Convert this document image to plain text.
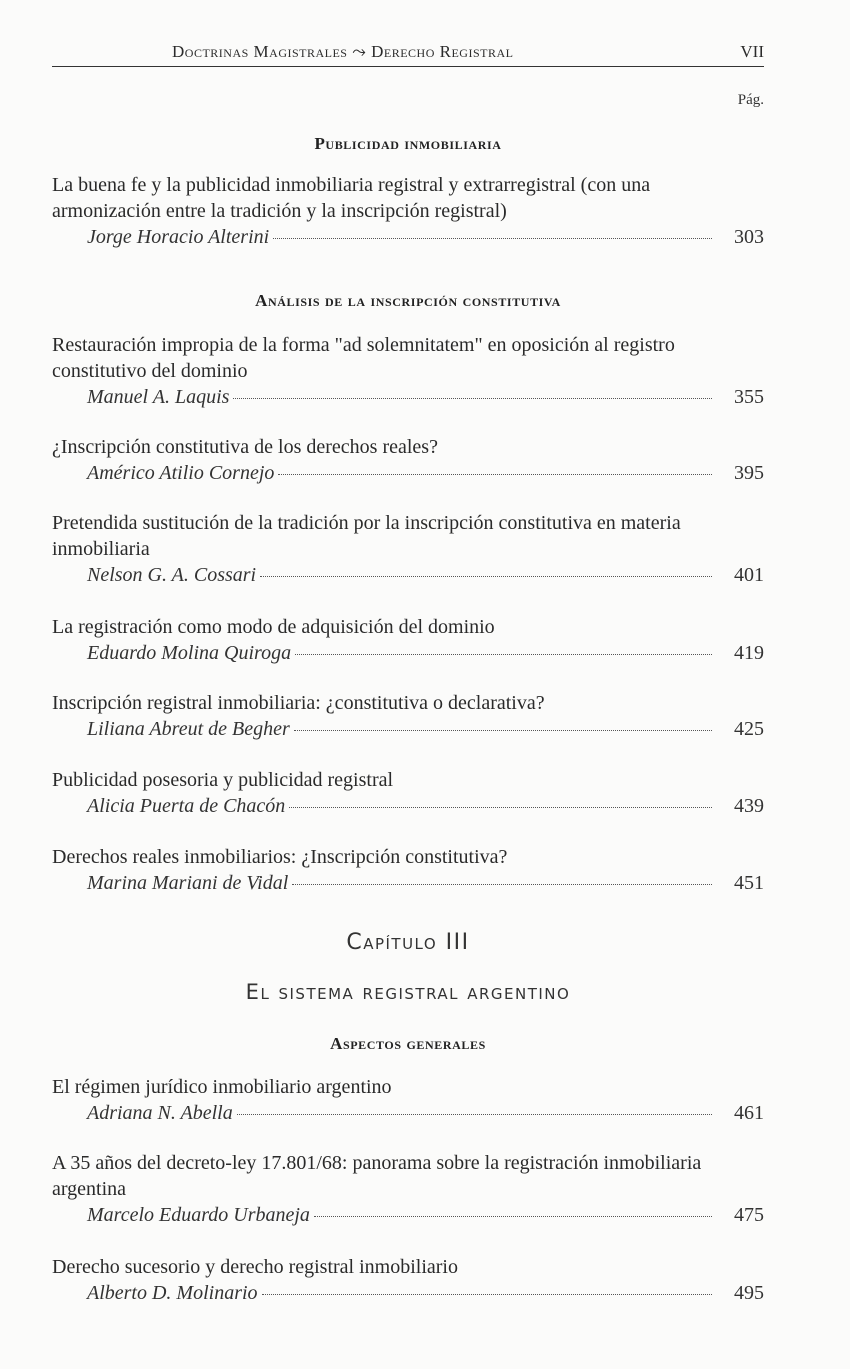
Doctrinas Magistrales ⤳ Derecho Registral	VII
Pág.
Publicidad inmobiliaria
La buena fe y la publicidad inmobiliaria registral y extrarregistral (con una armonización entre la tradición y la inscripción registral)
Jorge Horacio Alterini	303
Análisis de la inscripción constitutiva
Restauración impropia de la forma "ad solemnitatem" en oposición al registro constitutivo del dominio
Manuel A. Laquis	355
¿Inscripción constitutiva de los derechos reales?
Américo Atilio Cornejo	395
Pretendida sustitución de la tradición por la inscripción constitutiva en materia inmobiliaria
Nelson G. A. Cossari	401
La registración como modo de adquisición del dominio
Eduardo Molina Quiroga	419
Inscripción registral inmobiliaria: ¿constitutiva o declarativa?
Liliana Abreut de Begher	425
Publicidad posesoria y publicidad registral
Alicia Puerta de Chacón	439
Derechos reales inmobiliarios: ¿Inscripción constitutiva?
Marina Mariani de Vidal	451
Capítulo III
El sistema registral argentino
Aspectos generales
El régimen jurídico inmobiliario argentino
Adriana N. Abella	461
A 35 años del decreto-ley 17.801/68: panorama sobre la registración inmobiliaria argentina
Marcelo Eduardo Urbaneja	475
Derecho sucesorio y derecho registral inmobiliario
Alberto D. Molinario	495
